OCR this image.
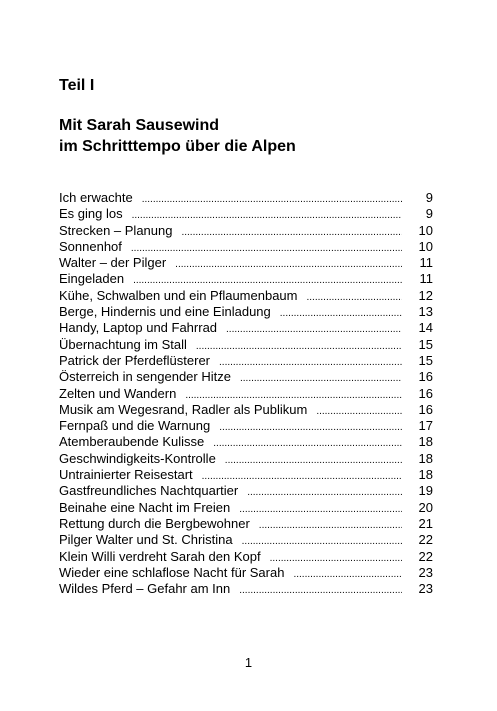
Teil I
Mit Sarah Sausewind
im Schritttempo über die Alpen
Ich erwachte .....	9
Es ging los .....	9
Strecken – Planung .....	10
Sonnenhof .....	10
Walter – der Pilger .....	11
Eingeladen .....	11
Kühe, Schwalben und ein Pflaumenbaum .....	12
Berge, Hindernis und eine Einladung .....	13
Handy, Laptop und Fahrrad .....	14
Übernachtung im Stall .....	15
Patrick der Pferdeflüsterer .....	15
Österreich in sengender Hitze .....	16
Zelten und Wandern .....	16
Musik am Wegesrand, Radler als Publikum .....	16
Fernpaß und die Warnung .....	17
Atemberaubende Kulisse .....	18
Geschwindigkeits-Kontrolle .....	18
Untrainierter Reisestart .....	18
Gastfreundliches Nachtquartier .....	19
Beinahe eine Nacht im Freien .....	20
Rettung durch die Bergbewohner .....	21
Pilger Walter und St. Christina .....	22
Klein Willi verdreht Sarah den Kopf .....	22
Wieder eine schlaflose Nacht für Sarah .....	23
Wildes Pferd – Gefahr am Inn .....	23

1
